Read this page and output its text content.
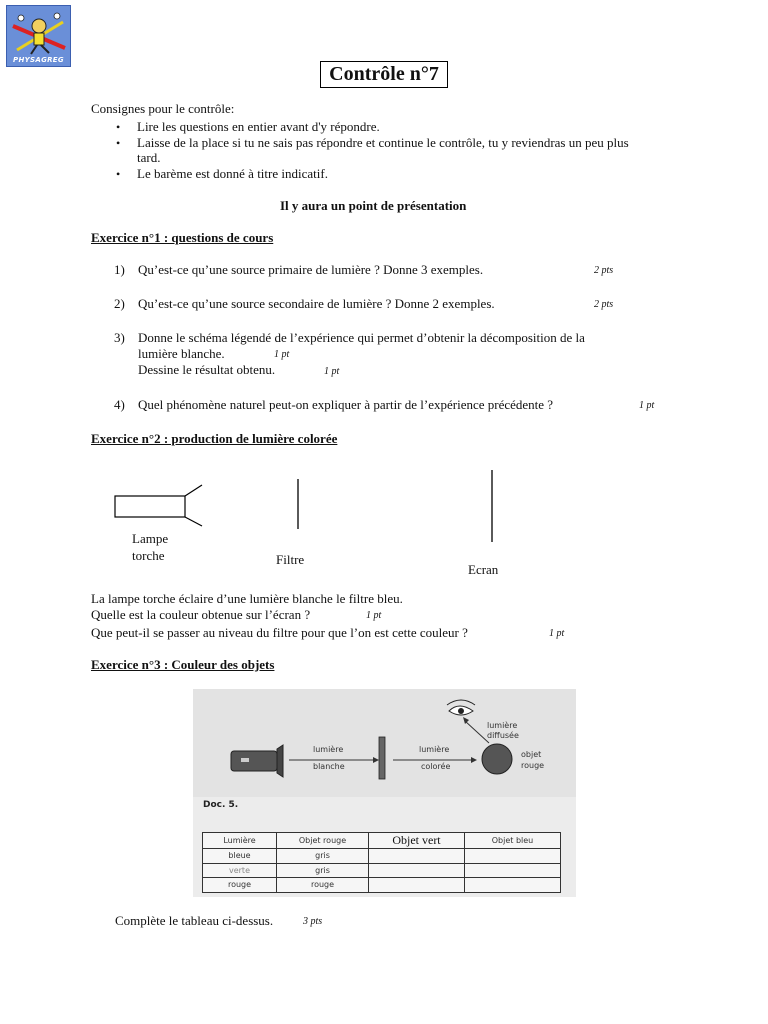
PHYSAGREG
Contrôle n°7
Consignes pour le contrôle:
• Lire les questions en entier avant d'y répondre.
• Laisse de la place si tu ne sais pas répondre et continue le contrôle, tu y reviendras un peu plus
tard.
• Le barème est donné à titre indicatif.
Il y aura un point de présentation
Exercice n°1 : questions de cours
1) Qu’est-ce qu’une source primaire de lumière ? Donne 3 exemples.	2 pts
2) Qu’est-ce qu’une source secondaire de lumière ? Donne 2 exemples.	2 pts
3) Donne le schéma légendé de l’expérience qui permet d’obtenir la décomposition de la
lumière blanche.	1 pt
Dessine le résultat obtenu.	1 pt
4) Quel phénomène naturel peut-on expliquer à partir de l’expérience précédente ?	1 pt
Exercice n°2 : production de lumière colorée
Lampe
torche	Filtre
Ecran
La lampe torche éclaire d’une lumière blanche le filtre bleu.
Quelle est la couleur obtenue sur l’écran ?	1 pt
Que peut-il se passer au niveau du filtre pour que l’on est cette couleur ?	1 pt
Exercice n°3 : Couleur des objets
lumière
blanche
lumière
colorée
objet
rouge
lumière
diffusée
Doc. 5.
Lumière	Objet rouge	Objet vert	Objet bleu
bleue	gris		
verte	gris		
rouge	rouge		
Complète le tableau ci-dessus.	3 pts
